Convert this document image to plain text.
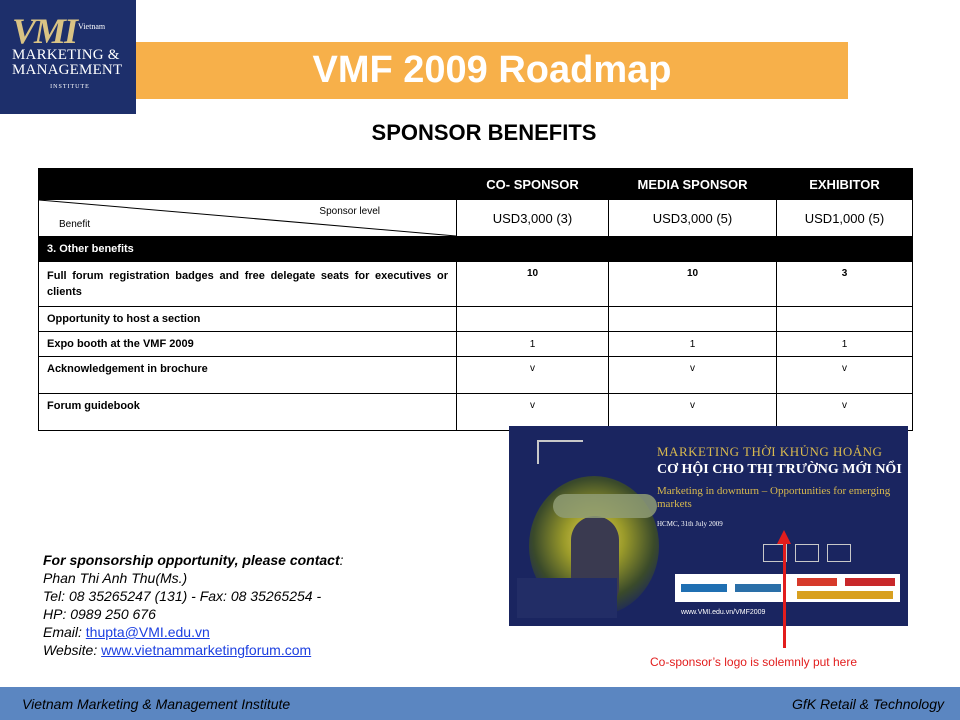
VMI $^{Vietnam}$
MARKETING &
MANAGEMENT
INSTITUTE	VMF 2009 Roadmap
SPONSOR BENEFITS
	CO- SPONSOR	MEDIA SPONSOR	EXHIBITOR

Sponsor level
Benefit	USD3,000 (3)	USD3,000 (5)	USD1,000 (5)
3. Other benefits			
Full forum registration badges and free delegate seats for executives or clients	10	10	3
Opportunity to host a section			
Expo booth at the VMF 2009	1	1	1
Acknowledgement in brochure	v	v	v
Forum guidebook	v	v	v
MARKETING THỜI KHỦNG HOẢNG
CƠ HỘI CHO THỊ TRƯỜNG MỚI NỔI
Marketing in downturn – Opportunities for emerging markets
HCMC, 31th July 2009
www.VMI.edu.vn/VMF2009
Co-sponsor’s logo is solemnly put here
For sponsorship opportunity, please contact:
Phan Thi Anh Thu(Ms.)
Tel: 08 35265247 (131) - Fax: 08 35265254 -
HP: 0989 250 676
Email: thupta@VMI.edu.vn
Website: www.vietnammarketingforum.com
Vietnam Marketing & Management Institute	GfK Retail & Technology
